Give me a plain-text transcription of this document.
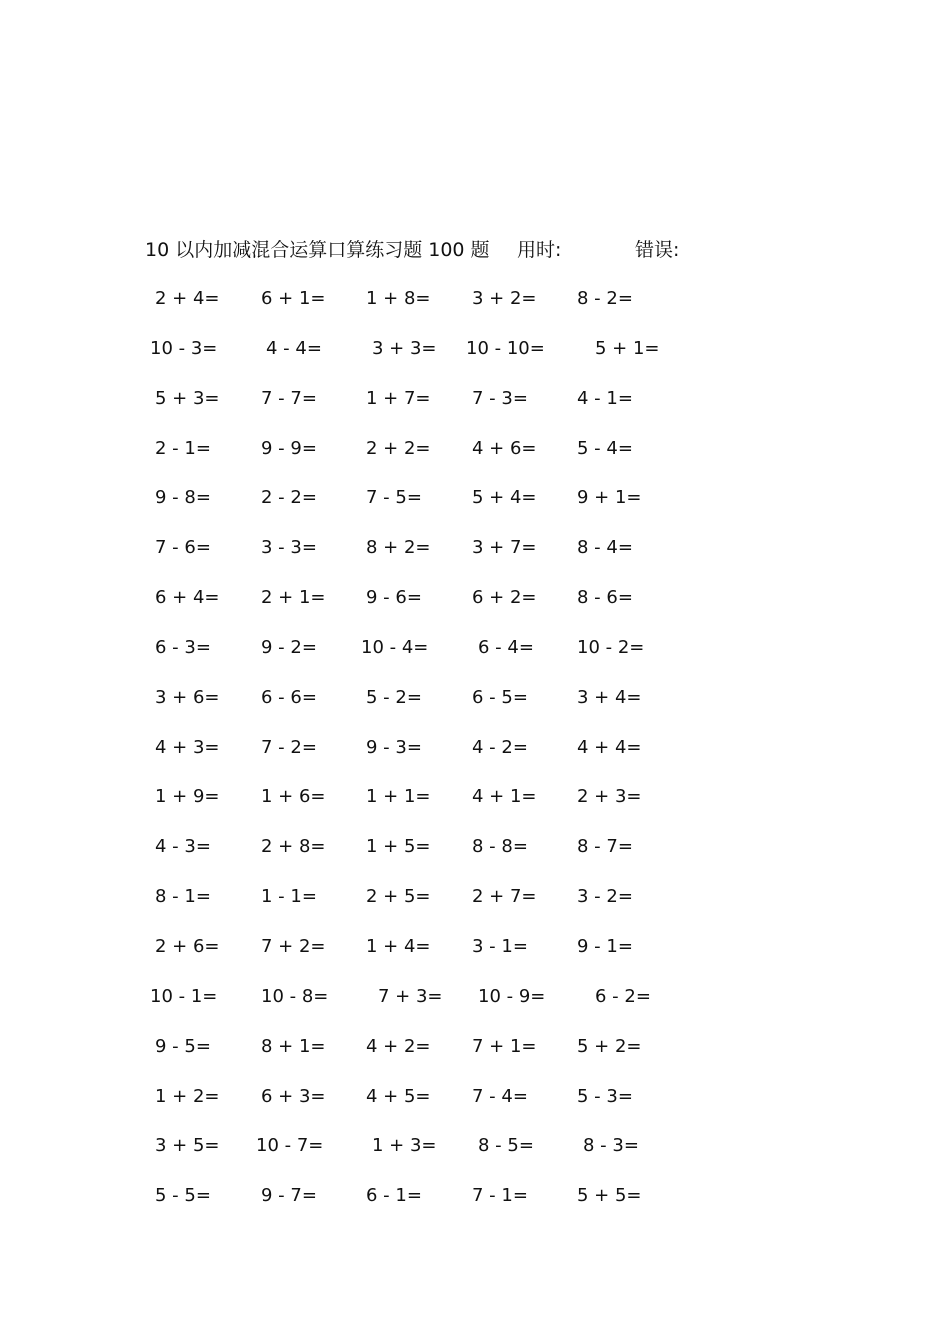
10 以内加减混合运算口算练习题 100 题 用时:	错误:
2 + 4= 6 + 1= 1 + 8= 3 + 2= 8 - 2=
10 - 3=	4 - 4=	3 + 3= 10 - 10=	5 + 1=
5 + 3= 7 - 7=	1 + 7= 7 - 3=	4 - 1=
2 - 1=	9 - 9=	2 + 2= 4 + 6= 5 - 4=
9 - 8=	2 - 2=	7 - 5=	5 + 4= 9 + 1=
7 - 6=	3 - 3=	8 + 2= 3 + 7= 8 - 4=
6 + 4= 2 + 1= 9 - 6=	6 + 2= 8 - 6=
6 - 3=	9 - 2= 10 - 4=	6 - 4= 10 - 2=
3 + 6= 6 - 6=	5 - 2=	6 - 5=	3 + 4=
4 + 3= 7 - 2=	9 - 3=	4 - 2=	4 + 4=
1 + 9= 1 + 6= 1 + 1= 4 + 1= 2 + 3=
4 - 3=	2 + 8= 1 + 5= 8 - 8=	8 - 7=
8 - 1=	1 - 1=	2 + 5= 2 + 7= 3 - 2=
2 + 6= 7 + 2= 1 + 4= 3 - 1=	9 - 1=
10 - 1= 10 - 8=	7 + 3= 10 - 9=	6 - 2=
9 - 5=	8 + 1= 4 + 2= 7 + 1= 5 + 2=
1 + 2= 6 + 3= 4 + 5= 7 - 4=	5 - 3=
3 + 5= 10 - 7=	1 + 3= 8 - 5=	8 - 3=
5 - 5=	9 - 7=	6 - 1=	7 - 1=	5 + 5=
